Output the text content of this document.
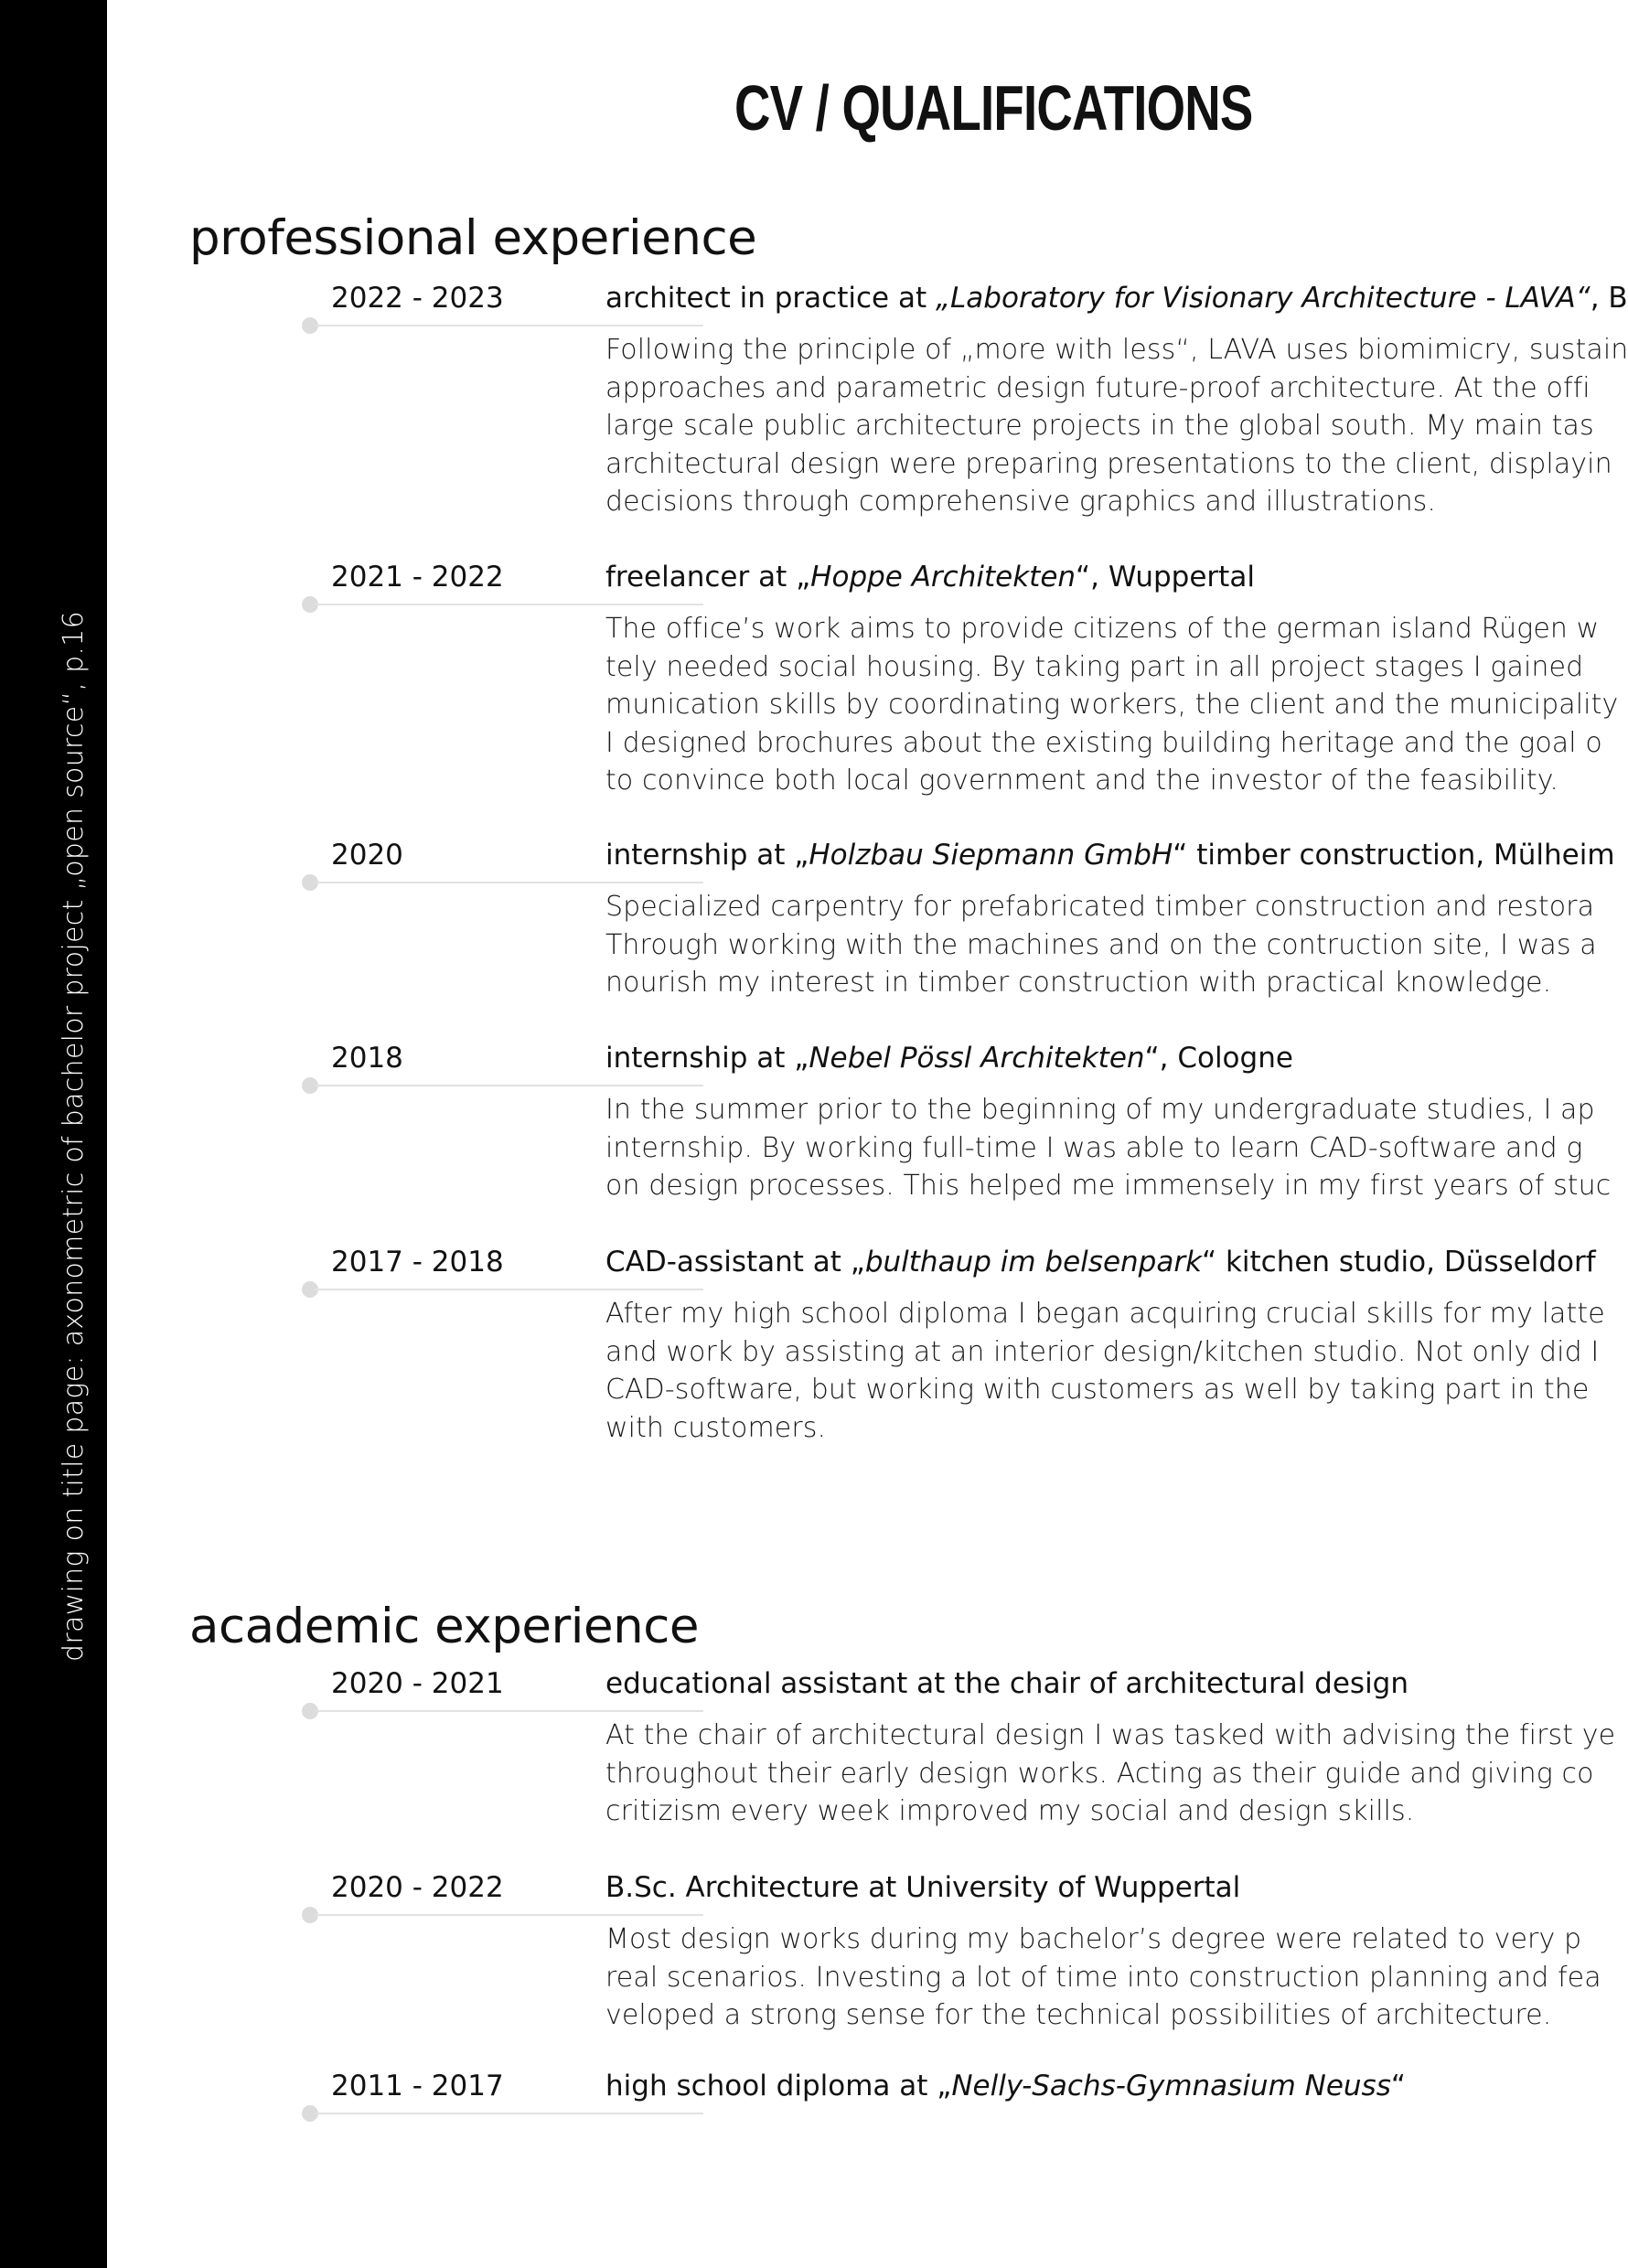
drawing on title page: axonometric of bachelor project „open source“, p.16
CV / QUALIFICATIONS
professional experience
2022 - 2023	architect in practice at „Laboratory for Visionary Architecture - LAVA“, B
Following the principle of „more with less“, LAVA uses biomimicry, sustain
approaches and parametric design future-proof architecture. At the offi
large scale public architecture projects in the global south. My main tas
architectural design were preparing presentations to the client, displayin
decisions through comprehensive graphics and illustrations.
2021 - 2022	freelancer at „Hoppe Architekten“, Wuppertal
The office’s work aims to provide citizens of the german island Rügen w
tely needed social housing. By taking part in all project stages I gained
munication skills by coordinating workers, the client and the municipality
I designed brochures about the existing building heritage and the goal o
to convince both local government and the investor of the feasibility.
2020	internship at „Holzbau Siepmann GmbH“ timber construction, Mülheim
Specialized carpentry for prefabricated timber construction and restora
Through working with the machines and on the contruction site, I was a
nourish my interest in timber construction with practical knowledge.
2018	internship at „Nebel Pössl Architekten“, Cologne
In the summer prior to the beginning of my undergraduate studies, I ap
internship. By working full-time I was able to learn CAD-software and g
on design processes. This helped me immensely in my first years of stuc
2017 - 2018	CAD-assistant at „bulthaup im belsenpark“ kitchen studio, Düsseldorf
After my high school diploma I began acquiring crucial skills for my latte
and work by assisting at an interior design/kitchen studio. Not only did I
CAD-software, but working with customers as well by taking part in the
with customers.
academic experience
2020 - 2021	educational assistant at the chair of architectural design
At the chair of architectural design I was tasked with advising the first ye
throughout their early design works. Acting as their guide and giving co
critizism every week improved my social and design skills.
2020 - 2022	B.Sc. Architecture at University of Wuppertal
Most design works during my bachelor’s degree were related to very p
real scenarios. Investing a lot of time into construction planning and fea
veloped a strong sense for the technical possibilities of architecture.
2011 - 2017	high school diploma at „Nelly-Sachs-Gymnasium Neuss“
